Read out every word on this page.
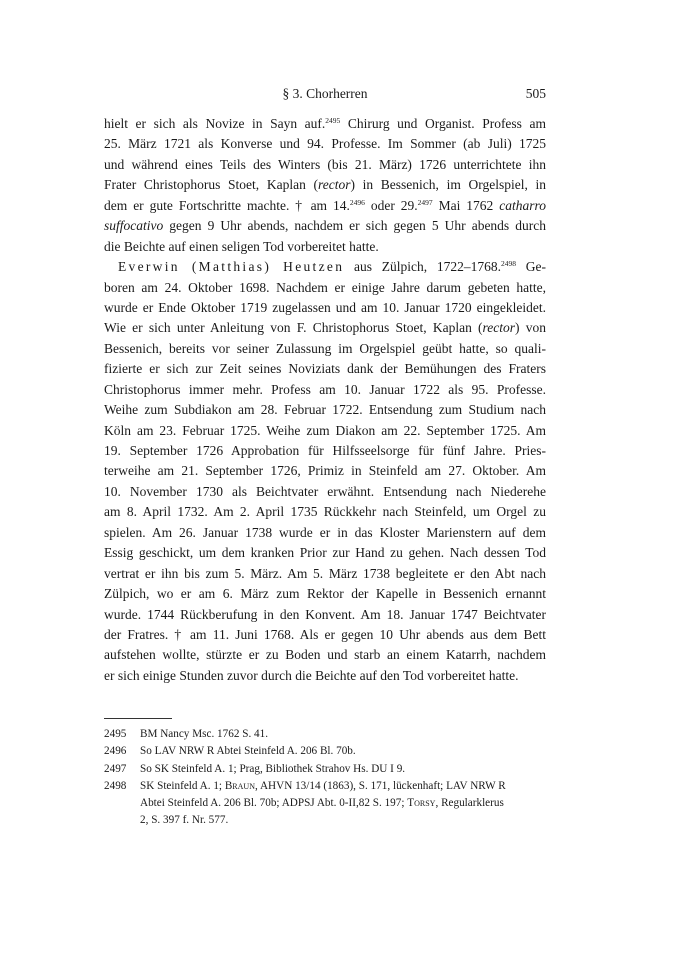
§ 3. Chorherren	505
hielt er sich als Novize in Sayn auf.$^{2495}$ Chirurg und Organist. Profess am
25. März 1721 als Konverse und 94. Professe. Im Sommer (ab Juli) 1725
und während eines Teils des Winters (bis 21. März) 1726 unterrichtete ihn
Frater Christophorus Stoet, Kaplan (rector) in Bessenich, im Orgelspiel, in
dem er gute Fortschritte machte. † am 14.$^{2496}$ oder 29.$^{2497}$ Mai 1762 catharro
suffocativo gegen 9 Uhr abends, nachdem er sich gegen 5 Uhr abends durch
die Beichte auf einen seligen Tod vorbereitet hatte.
Everwin (Matthias) Heutzen aus Zülpich, 1722–1768.$^{2498}$ Ge-
boren am 24. Oktober 1698. Nachdem er einige Jahre darum gebeten hatte,
wurde er Ende Oktober 1719 zugelassen und am 10. Januar 1720 eingekleidet.
Wie er sich unter Anleitung von F. Christophorus Stoet, Kaplan (rector) von
Bessenich, bereits vor seiner Zulassung im Orgelspiel geübt hatte, so quali-
fizierte er sich zur Zeit seines Noviziats dank der Bemühungen des Fraters
Christophorus immer mehr. Profess am 10. Januar 1722 als 95. Professe.
Weihe zum Subdiakon am 28. Februar 1722. Entsendung zum Studium nach
Köln am 23. Februar 1725. Weihe zum Diakon am 22. September 1725. Am
19. September 1726 Approbation für Hilfsseelsorge für fünf Jahre. Pries-
terweihe am 21. September 1726, Primiz in Steinfeld am 27. Oktober. Am
10. November 1730 als Beichtvater erwähnt. Entsendung nach Niederehe
am 8. April 1732. Am 2. April 1735 Rückkehr nach Steinfeld, um Orgel zu
spielen. Am 26. Januar 1738 wurde er in das Kloster Marienstern auf dem
Essig geschickt, um dem kranken Prior zur Hand zu gehen. Nach dessen Tod
vertrat er ihn bis zum 5. März. Am 5. März 1738 begleitete er den Abt nach
Zülpich, wo er am 6. März zum Rektor der Kapelle in Bessenich ernannt
wurde. 1744 Rückberufung in den Konvent. Am 18. Januar 1747 Beichtvater
der Fratres. † am 11. Juni 1768. Als er gegen 10 Uhr abends aus dem Bett
aufstehen wollte, stürzte er zu Boden und starb an einem Katarrh, nachdem
er sich einige Stunden zuvor durch die Beichte auf den Tod vorbereitet hatte.
2495	BM Nancy Msc. 1762 S. 41.
2496	So LAV NRW R Abtei Steinfeld A. 206 Bl. 70b.
2497	So SK Steinfeld A. 1; Prag, Bibliothek Strahov Hs. DU I 9.
2498	SK Steinfeld A. 1; Braun, AHVN 13/14 (1863), S. 171, lückenhaft; LAV NRW R
Abtei Steinfeld A. 206 Bl. 70b; ADPSJ Abt. 0-II,82 S. 197; Torsy, Regularklerus
2, S. 397 f. Nr. 577.
